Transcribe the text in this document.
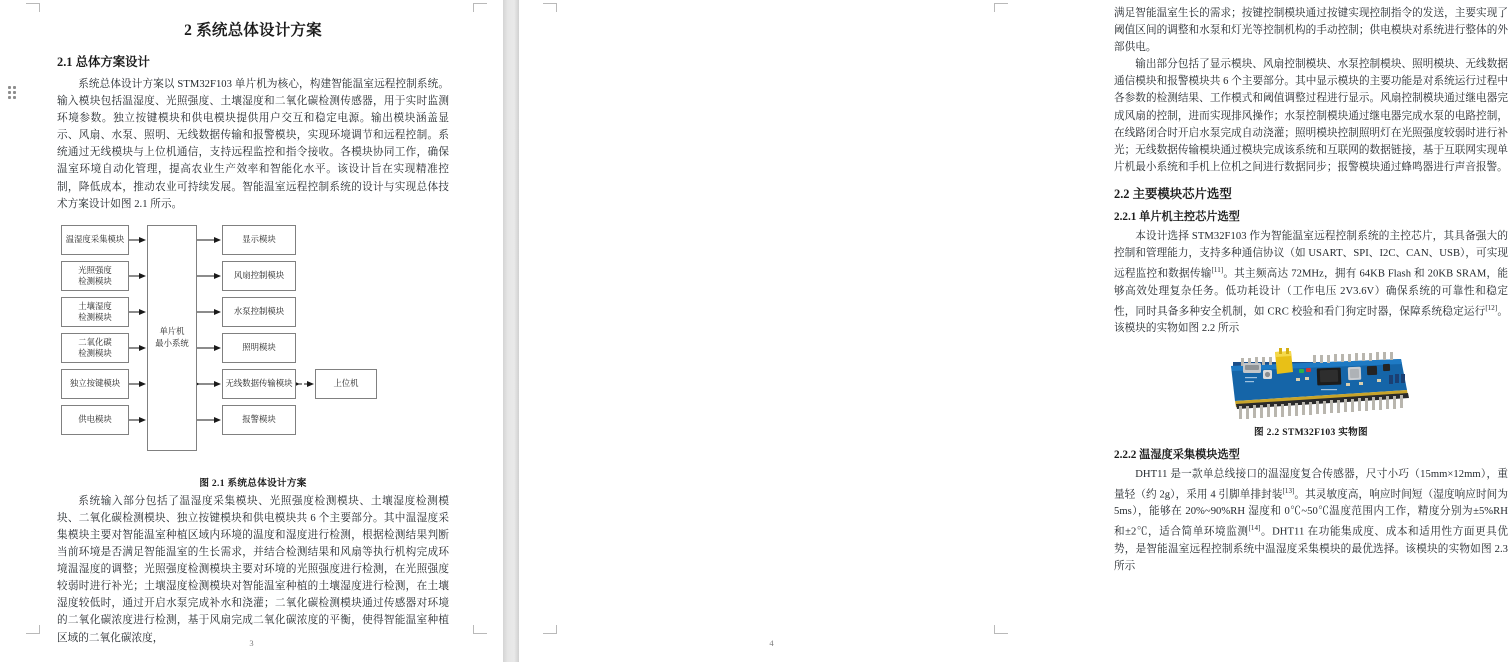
2 系统总体设计方案
2.1 总体方案设计
系统总体设计方案以 STM32F103 单片机为核心，构建智能温室远程控制系统。输入模块包括温湿度、光照强度、土壤湿度和二氧化碳检测传感器，用于实时监测环境参数。独立按键模块和供电模块提供用户交互和稳定电源。输出模块涵盖显示、风扇、水泵、照明、无线数据传输和报警模块，实现环境调节和远程控制。系统通过无线模块与上位机通信，支持远程监控和指令接收。各模块协同工作，确保温室环境自动化管理，提高农业生产效率和智能化水平。该设计旨在实现精准控制，降低成本，推动农业可持续发展。智能温室远程控制系统的设计与实现总体技术方案设计如图 2.1 所示。
温湿度采集模块
光照强度
检测模块
土壤湿度
检测模块
二氧化碳
检测模块
独立按键模块
供电模块
单片机
最小系统
显示模块
风扇控制模块
水泵控制模块
照明模块
无线数据传输模块
报警模块
上位机
图 2.1 系统总体设计方案
系统输入部分包括了温湿度采集模块、光照强度检测模块、土壤湿度检测模块、二氧化碳检测模块、独立按键模块和供电模块共 6 个主要部分。其中温湿度采集模块主要对智能温室种植区域内环境的温度和湿度进行检测，根据检测结果判断当前环境是否满足智能温室的生长需求，并结合检测结果和风扇等执行机构完成环境温湿度的调整；光照强度检测模块主要对环境的光照强度进行检测，在光照强度较弱时进行补光；土壤湿度检测模块对智能温室种植的土壤湿度进行检测，在土壤湿度较低时，通过开启水泵完成补水和浇灌；二氧化碳检测模块通过传感器对环境的二氧化碳浓度进行检测，基于风扇完成二氧化碳浓度的平衡，使得智能温室种植区域的二氧化碳浓度，	3
满足智能温室生长的需求；按键控制模块通过按键实现控制指令的发送，主要实现了阈值区间的调整和水泵和灯光等控制机构的手动控制；供电模块对系统进行整体的外部供电。
输出部分包括了显示模块、风扇控制模块、水泵控制模块、照明模块、无线数据通信模块和报警模块共 6 个主要部分。其中显示模块的主要功能是对系统运行过程中各参数的检测结果、工作模式和阈值调整过程进行显示。风扇控制模块通过继电器完成风扇的控制，进而实现排风操作；水泵控制模块通过继电器完成水泵的电路控制，在线路闭合时开启水泵完成自动浇灌；照明模块控制照明灯在光照强度较弱时进行补光；无线数据传输模块通过模块完成该系统和互联网的数据链接，基于互联网实现单片机最小系统和手机上位机之间进行数据同步；报警模块通过蜂鸣器进行声音报警。
2.2 主要模块芯片选型
2.2.1 单片机主控芯片选型
本设计选择 STM32F103 作为智能温室远程控制系统的主控芯片，其具备强大的控制和管理能力，支持多种通信协议（如 USART、SPI、I2C、CAN、USB），可实现远程监控和数据传输[11]。其主频高达 72MHz，拥有 64KB Flash 和 20KB SRAM，能够高效处理复杂任务。低功耗设计（工作电压 2V3.6V）确保系统的可靠性和稳定性，同时具备多种安全机制，如 CRC 校验和看门狗定时器，保障系统稳定运行[12]。该模块的实物如图 2.2 所示
图 2.2 STM32F103 实物图
2.2.2 温湿度采集模块选型
DHT11 是一款单总线接口的温湿度复合传感器，尺寸小巧（15mm×12mm），重量轻（约 2g），采用 4 引脚单排封装[13]。其灵敏度高，响应时间短（湿度响应时间为 5ms），能够在 20%~90%RH 湿度和 0℃~50℃温度范围内工作，精度分别为±5%RH 和±2℃，适合简单环境监测[14]。DHT11 在功能集成度、成本和适用性方面更具优势，是智能温室远程控制系统中温湿度采集模块的最优选择。该模块的实物如图 2.3 所示
4
